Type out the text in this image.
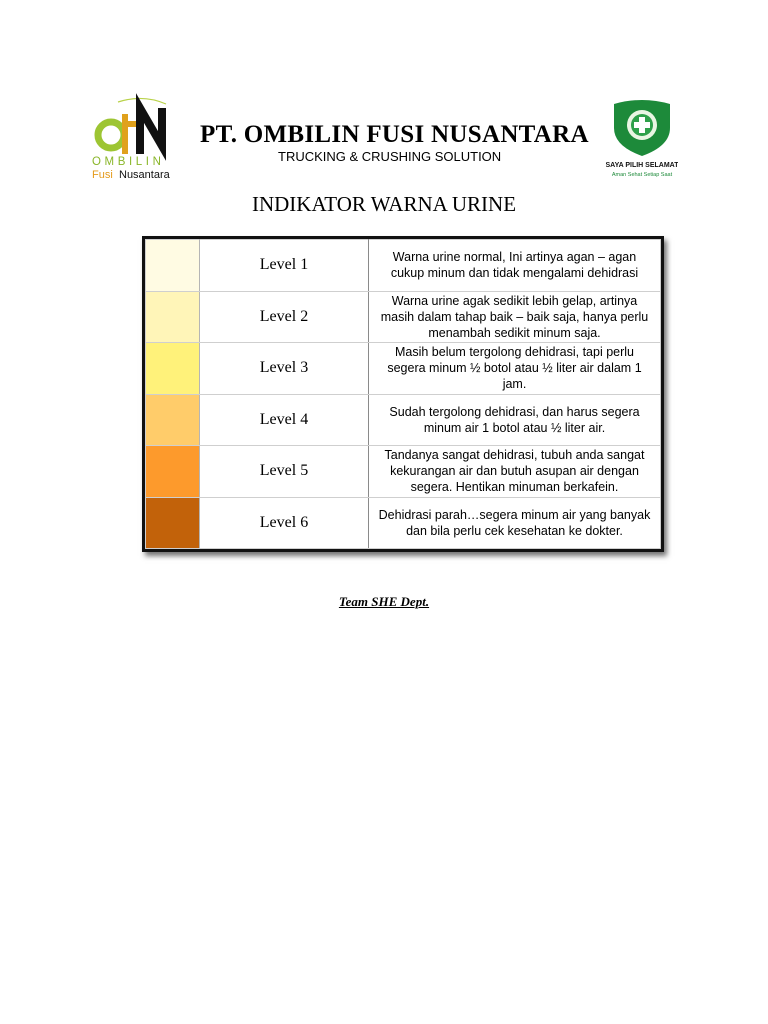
OMBILIN
Fusi Nusantara
PT. OMBILIN FUSI NUSANTARA
TRUCKING & CRUSHING SOLUTION
SAYA PILIH SELAMAT
Aman Sehat Setiap Saat
INDIKATOR WARNA URINE
	Level 1	Warna urine normal, Ini artinya agan – agan cukup minum dan tidak mengalami dehidrasi
	Level 2	Warna urine agak sedikit lebih gelap, artinya masih dalam tahap baik – baik saja, hanya perlu menambah sedikit minum saja.
	Level 3	Masih belum tergolong dehidrasi, tapi perlu segera minum ½ botol atau ½ liter air dalam 1 jam.
	Level 4	Sudah tergolong dehidrasi, dan harus segera minum air 1 botol atau ½ liter air.
	Level 5	Tandanya sangat dehidrasi, tubuh anda sangat kekurangan air dan butuh asupan air dengan segera. Hentikan minuman berkafein.
	Level 6	Dehidrasi parah…segera minum air yang banyak dan bila perlu cek kesehatan ke dokter.
Team SHE Dept.
